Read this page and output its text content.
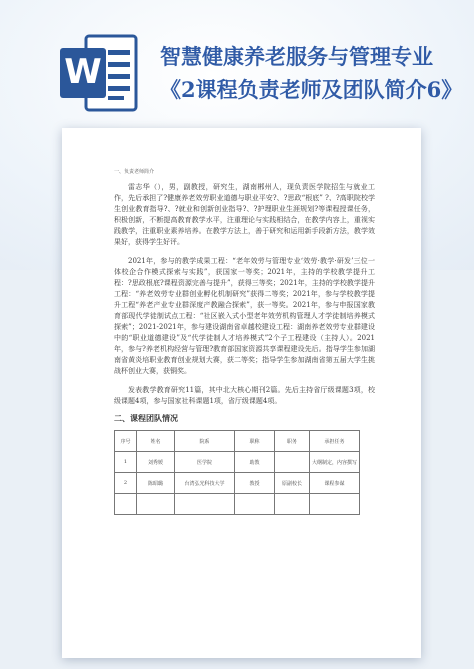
W	智慧健康养老服务与管理专业
《2课程负责老师及团队简介6》
一、负责老师简介

雷志华（），男，副教授，研究生，湖南郴州人，现负责医学院招生与就业工作，先后承担了?健康养老效劳职业道德与职业平安?、?思政“根底” ?、?高职院校学生创业教育指导?、?就业和创新创业指导?、?护理职业生涯规划?等课程授课任务，积极创新，不断提高教育教学水平，注重理论与实践相结合，在教学内容上，重视实践教学，注重职业素养培养。在教学方法上，善于研究和运用新手段新方法，教学效果好，获得学生好评。

2021年，参与的教学成果工程：“老年效劳与管理专业‘效劳·教学·研发’三位一体校企合作模式探索与实践”，获国家一等奖；2021年，主持的学校教学提升工程：?思政根底?课程资源完善与提升”，获得三等奖；2021年，主持的学校教学提升工程：“养老效劳专业群创业孵化机制研究”获得二等奖；2021年，参与学校教学提升工程“养老产业专业群深度产教融合探索”，获一等奖。2021年，参与申报国家教育部现代学徒制试点工程：“社区嵌入式小型老年效劳机构管理人才学徒制培养模式探索”；2021-2021年，参与建设湖南省卓越校建设工程：湖南养老效劳专业群建设中的“职业道德建设”及“代学徒制人才培养模式”2个子工程建设（主持人）。2021年，参与?养老机构经营与管理?教育部国家资源共享课程建设先后。指导学生参加湖南省黄炎培职业教育创业规划大赛，获二等奖；指导学生参加湖南省第五届大学生挑战杯创业大赛，获铜奖。

发表教学教育研究11篇，其中北大核心期刊2篇。先后主持省厅级课题3项，校级课题4项，参与国家社科课题1项，省厅级课题4项。

二、课程团队情况
序号	姓名	院系	职称	职务	承担任务
1	刘秀媛	医学院	助教		大纲制定，内容撰写
2	陈昭璐	台湾弘光科技大学	教授	原副校长	课程参谋
